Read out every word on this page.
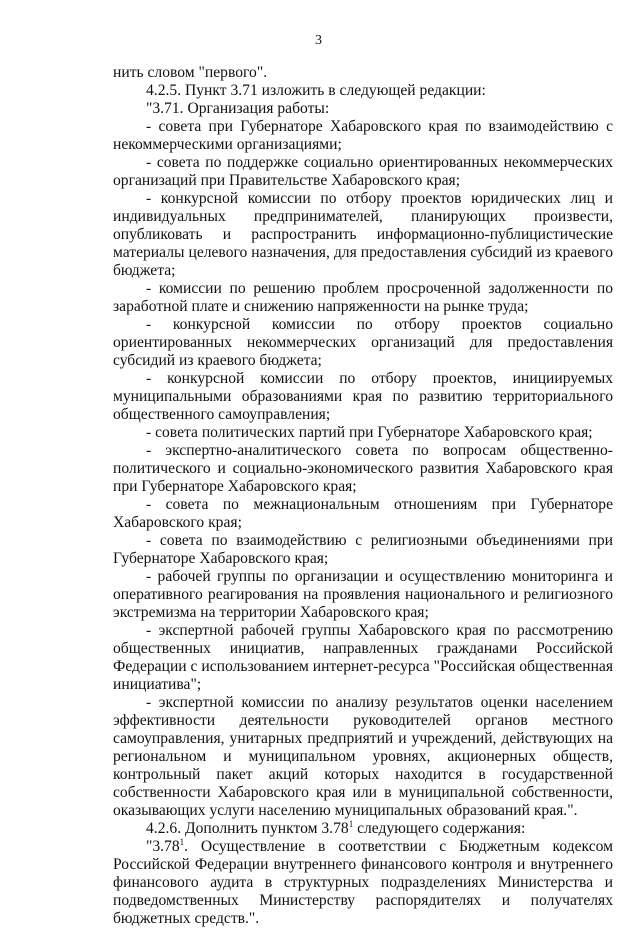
3

нить словом "первого".

4.2.5. Пункт 3.71 изложить в следующей редакции:

"3.71. Организация работы:

- совета при Губернаторе Хабаровского края по взаимодействию с некоммерческими организациями;

- совета по поддержке социально ориентированных некоммерческих организаций при Правительстве Хабаровского края;

- конкурсной комиссии по отбору проектов юридических лиц и индивидуальных предпринимателей, планирующих произвести, опубликовать и распространить информационно-публицистические материалы целевого назначения, для предоставления субсидий из краевого бюджета;

- комиссии по решению проблем просроченной задолженности по заработной плате и снижению напряженности на рынке труда;

- конкурсной комиссии по отбору проектов социально ориентированных некоммерческих организаций для предоставления субсидий из краевого бюджета;

- конкурсной комиссии по отбору проектов, инициируемых муниципальными образованиями края по развитию территориального общественного самоуправления;

- совета политических партий при Губернаторе Хабаровского края;

- экспертно-аналитического совета по вопросам общественно-политического и социально-экономического развития Хабаровского края при Губернаторе Хабаровского края;

- совета по межнациональным отношениям при Губернаторе Хабаровского края;

- совета по взаимодействию с религиозными объединениями при Губернаторе Хабаровского края;

- рабочей группы по организации и осуществлению мониторинга и оперативного реагирования на проявления национального и религиозного экстремизма на территории Хабаровского края;

- экспертной рабочей группы Хабаровского края по рассмотрению общественных инициатив, направленных гражданами Российской Федерации с использованием интернет-ресурса "Российская общественная инициатива";

- экспертной комиссии по анализу результатов оценки населением эффективности деятельности руководителей органов местного самоуправления, унитарных предприятий и учреждений, действующих на региональном и муниципальном уровнях, акционерных обществ, контрольный пакет акций которых находится в государственной собственности Хабаровского края или в муниципальной собственности, оказывающих услуги населению муниципальных образований края.".

4.2.6. Дополнить пунктом 3.78$^1$ следующего содержания:

"3.78$^1$. Осуществление в соответствии с Бюджетным кодексом Российской Федерации внутреннего финансового контроля и внутреннего финансового аудита в структурных подразделениях Министерства и подведомственных Министерству распорядителях и получателях бюджетных средств.".
